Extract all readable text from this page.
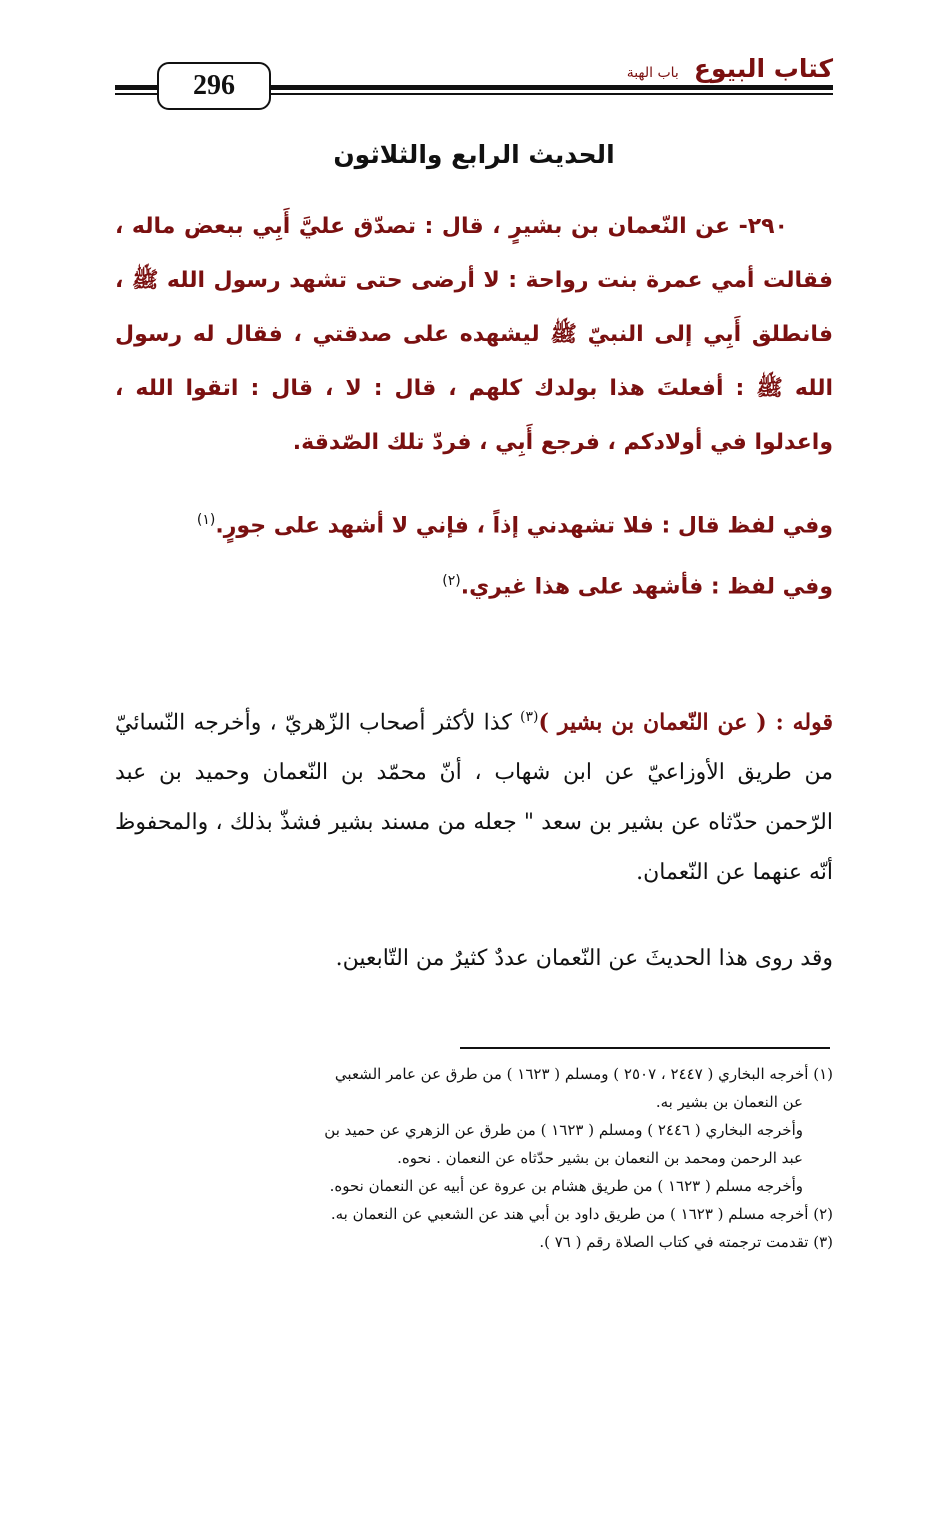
296
كتاب البيوع باب الهبة
الحديث الرابع والثلاثون
٢٩٠- عن النّعمان بن بشيرٍ ، قال : تصدّق عليَّ أَبِي ببعض ماله ، فقالت أمي عمرة بنت رواحة : لا أرضى حتى تشهد رسول الله ﷺ ، فانطلق أَبِي إلى النبيّ ﷺ ليشهده على صدقتي ، فقال له رسول الله ﷺ : أفعلتَ هذا بولدك كلهم ، قال : لا ، قال : اتقوا الله ، واعدلوا في أولادكم ، فرجع أَبِي ، فردّ تلك الصّدقة.
وفي لفظ قال : فلا تشهدني إذاً ، فإني لا أشهد على جورٍ.$^{(١)}$
وفي لفظ : فأشهد على هذا غيري.$^{(٢)}$
قوله : ( عن النّعمان بن بشير )$^{(٣)}$ كذا لأكثر أصحاب الزّهريّ ، وأخرجه النّسائيّ من طريق الأوزاعيّ عن ابن شهاب ، أنّ محمّد بن النّعمان وحميد بن عبد الرّحمن حدّثاه عن بشير بن سعد " جعله من مسند بشير فشذّ بذلك ، والمحفوظ أنّه عنهما عن النّعمان.
وقد روى هذا الحديثَ عن النّعمان عددٌ كثيرٌ من التّابعين.

(١) أخرجه البخاري ( ٢٤٤٧ ، ٢٥٠٧ ) ومسلم ( ١٦٢٣ ) من طرق عن عامر الشعبي

عن النعمان بن بشير به.

وأخرجه البخاري ( ٢٤٤٦ ) ومسلم ( ١٦٢٣ ) من طرق عن الزهري عن حميد بن

عبد الرحمن ومحمد بن النعمان بن بشير حدّثاه عن النعمان . نحوه.

وأخرجه مسلم ( ١٦٢٣ ) من طريق هشام بن عروة عن أبيه عن النعمان نحوه.

(٢) أخرجه مسلم ( ١٦٢٣ ) من طريق داود بن أبي هند عن الشعبي عن النعمان به.

(٣) تقدمت ترجمته في كتاب الصلاة رقم ( ٧٦ ).
